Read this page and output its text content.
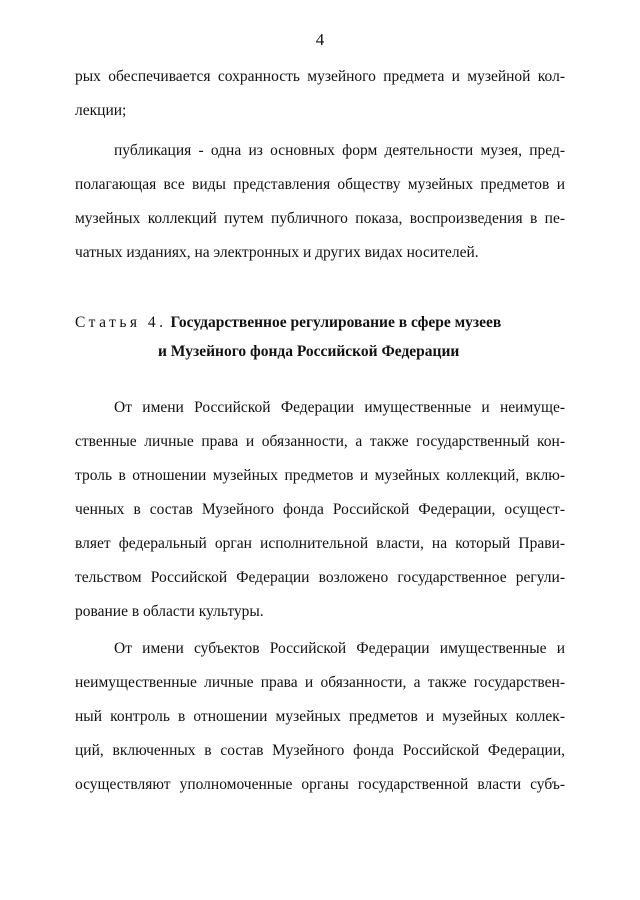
4
рых обеспечивается сохранность музейного предмета и музейной кол-
лекции;
публикация - одна из основных форм деятельности музея, пред-
полагающая все виды представления обществу музейных предметов и
музейных коллекций путем публичного показа, воспроизведения в пе-
чатных изданиях, на электронных и других видах носителей.
Статья 4. Государственное регулирование в сфере музеев
и Музейного фонда Российской Федерации
От имени Российской Федерации имущественные и неимуще-
ственные личные права и обязанности, а также государственный кон-
троль в отношении музейных предметов и музейных коллекций, вклю-
ченных в состав Музейного фонда Российской Федерации, осущест-
вляет федеральный орган исполнительной власти, на который Прави-
тельством Российской Федерации возложено государственное регули-
рование в области культуры.
От имени субъектов Российской Федерации имущественные и
неимущественные личные права и обязанности, а также государствен-
ный контроль в отношении музейных предметов и музейных коллек-
ций, включенных в состав Музейного фонда Российской Федерации,
осуществляют уполномоченные органы государственной власти субъ-
